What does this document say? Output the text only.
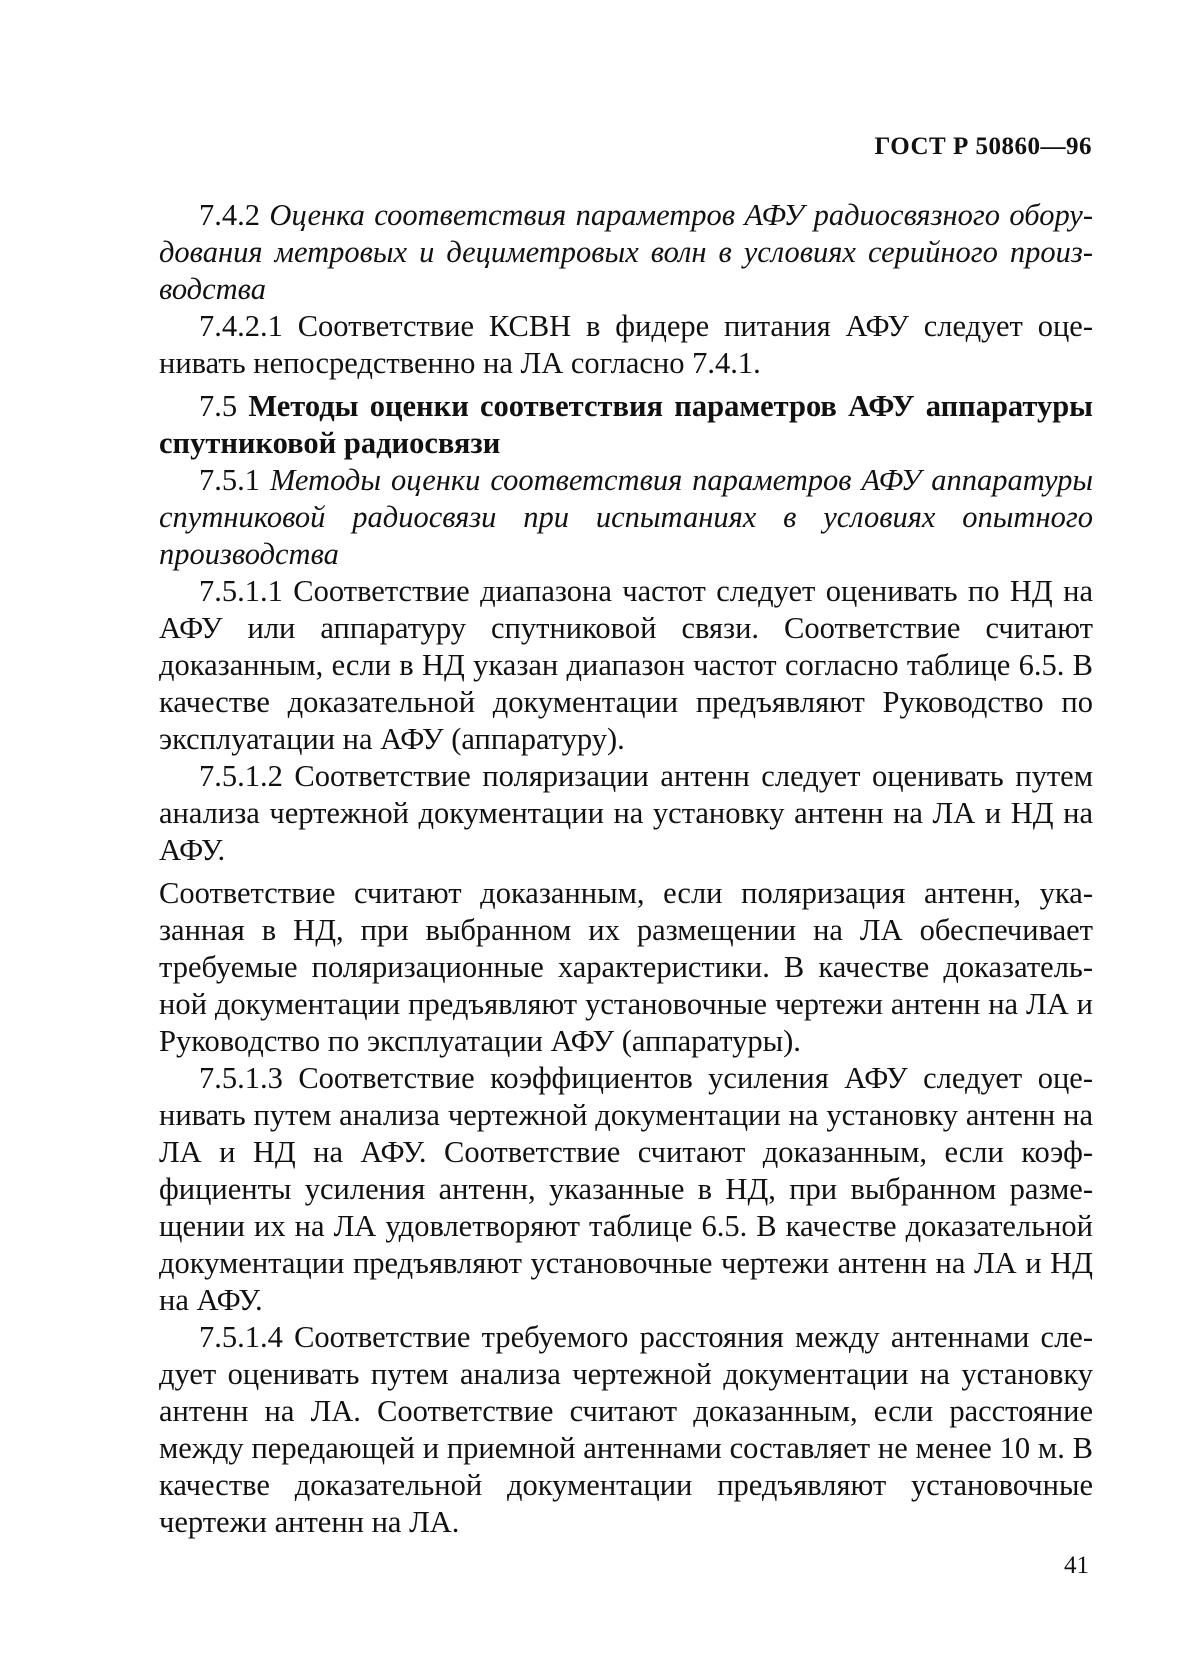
ГОСТ Р 50860—96

7.4.2 Оценка соответствия параметров АФУ радиосвязного оборудования метровых и дециметровых волн в условиях серийного производства

7.4.2.1 Соответствие КСВН в фидере питания АФУ следует оценивать непосредственно на ЛА согласно 7.4.1.

7.5 Методы оценки соответствия параметров АФУ аппаратуры спутниковой радиосвязи

7.5.1 Методы оценки соответствия параметров АФУ аппаратуры спутниковой радиосвязи при испытаниях в условиях опытного производства

7.5.1.1 Соответствие диапазона частот следует оценивать по НД на АФУ или аппаратуру спутниковой связи. Соответствие считают доказанным, если в НД указан диапазон частот согласно таблице 6.5. В качестве доказательной документации предъявляют Руководство по эксплуатации на АФУ (аппаратуру).

7.5.1.2 Соответствие поляризации антенн следует оценивать путем анализа чертежной документации на установку антенн на ЛА и НД на АФУ.

Соответствие считают доказанным, если поляризация антенн, указанная в НД, при выбранном их размещении на ЛА обеспечивает требуемые поляризационные характеристики. В качестве доказательной документации предъявляют установочные чертежи антенн на ЛА и Руководство по эксплуатации АФУ (аппаратуры).

7.5.1.3 Соответствие коэффициентов усиления АФУ следует оценивать путем анализа чертежной документации на установку антенн на ЛА и НД на АФУ. Соответствие считают доказанным, если коэффициенты усиления антенн, указанные в НД, при выбранном размещении их на ЛА удовлетворяют таблице 6.5. В качестве доказательной документации предъявляют установочные чертежи антенн на ЛА и НД на АФУ.

7.5.1.4 Соответствие требуемого расстояния между антеннами следует оценивать путем анализа чертежной документации на установку антенн на ЛА. Соответствие считают доказанным, если расстояние между передающей и приемной антеннами составляет не менее 10 м. В качестве доказательной документации предъявляют установочные чертежи антенн на ЛА.

41
